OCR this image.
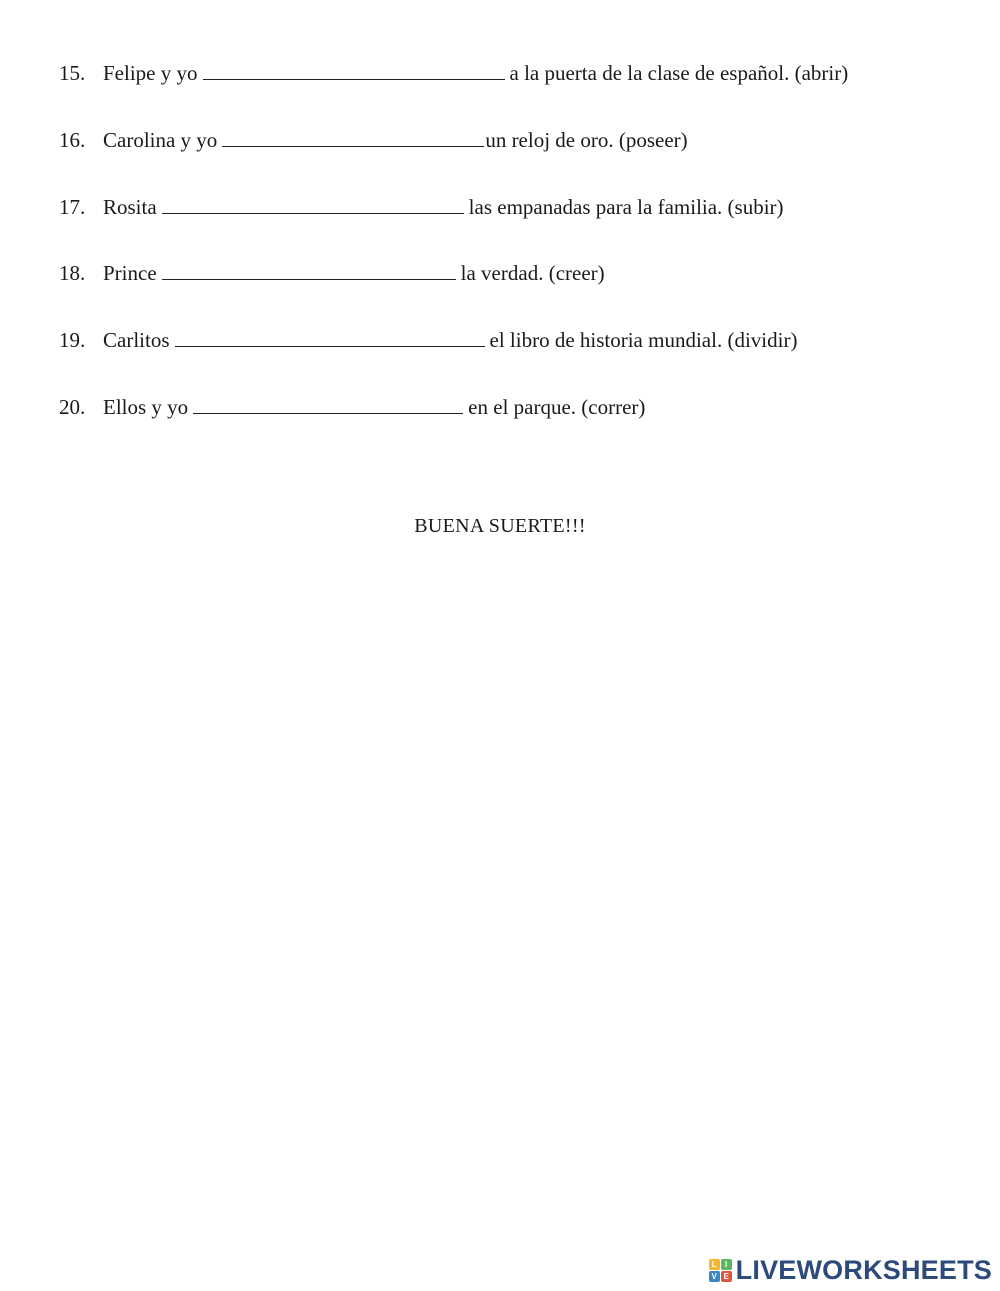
15. Felipe y yo	a la puerta de la clase de español. (abrir)
16. Carolina y yo	un reloj de oro. (poseer)
17. Rosita	las empanadas para la familia. (subir)
18. Prince	la verdad. (creer)
19. Carlitos	el libro de historia mundial. (dividir)
20. Ellos y yo	en el parque. (correr)
BUENA SUERTE!!!
L	I
V E LIVEWORKSHEETS
